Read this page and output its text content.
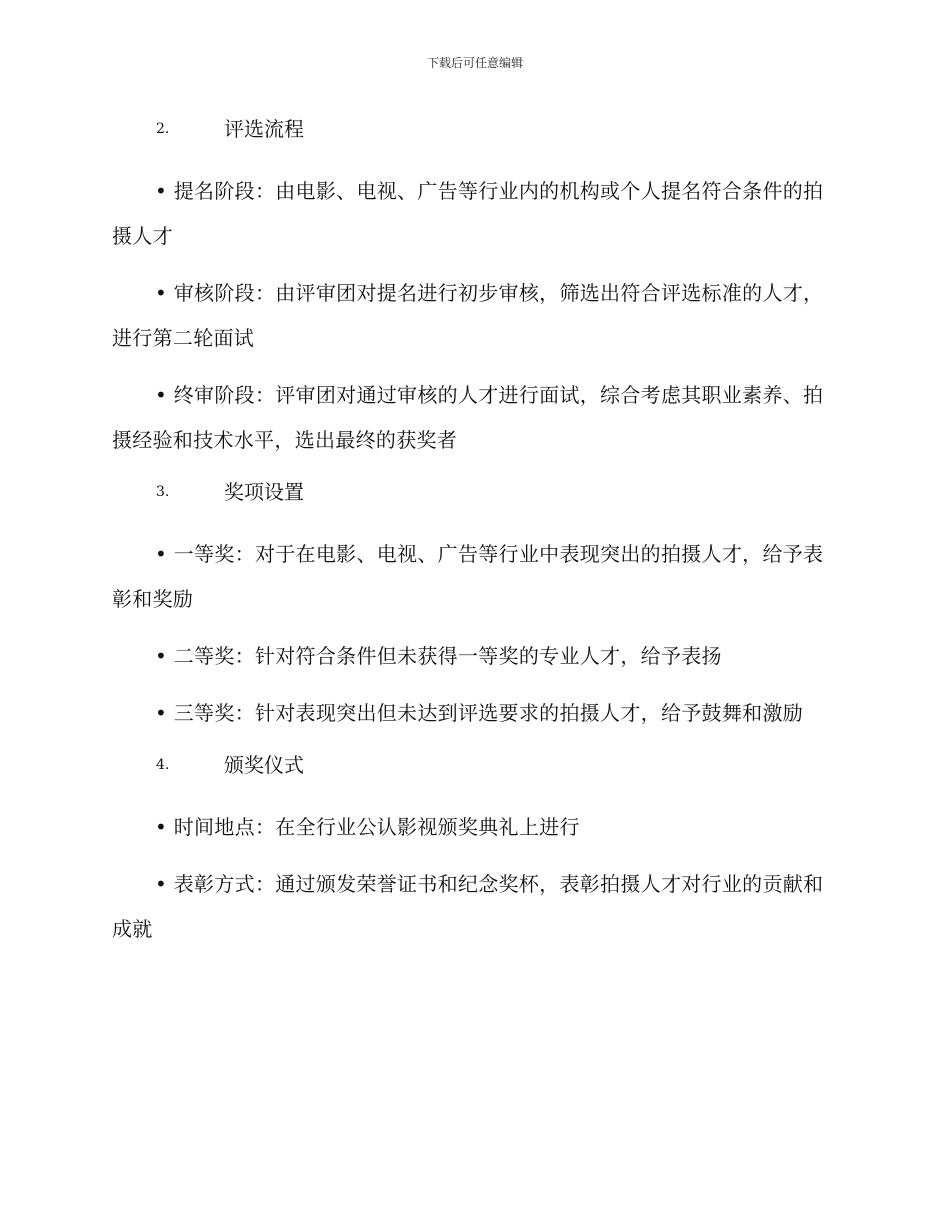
下载后可任意编辑
2.	评选流程

• 提名阶段：由电影、电视、广告等行业内的机构或个人提名符合条件的拍摄人才

• 审核阶段：由评审团对提名进行初步审核，筛选出符合评选标准的人才，进行第二轮面试

• 终审阶段：评审团对通过审核的人才进行面试，综合考虑其职业素养、拍摄经验和技术水平，选出最终的获奖者

3.	奖项设置

• 一等奖：对于在电影、电视、广告等行业中表现突出的拍摄人才，给予表彰和奖励

• 二等奖：针对符合条件但未获得一等奖的专业人才，给予表扬

• 三等奖：针对表现突出但未达到评选要求的拍摄人才，给予鼓舞和激励

4.	颁奖仪式

• 时间地点：在全行业公认影视颁奖典礼上进行

• 表彰方式：通过颁发荣誉证书和纪念奖杯，表彰拍摄人才对行业的贡献和成就
